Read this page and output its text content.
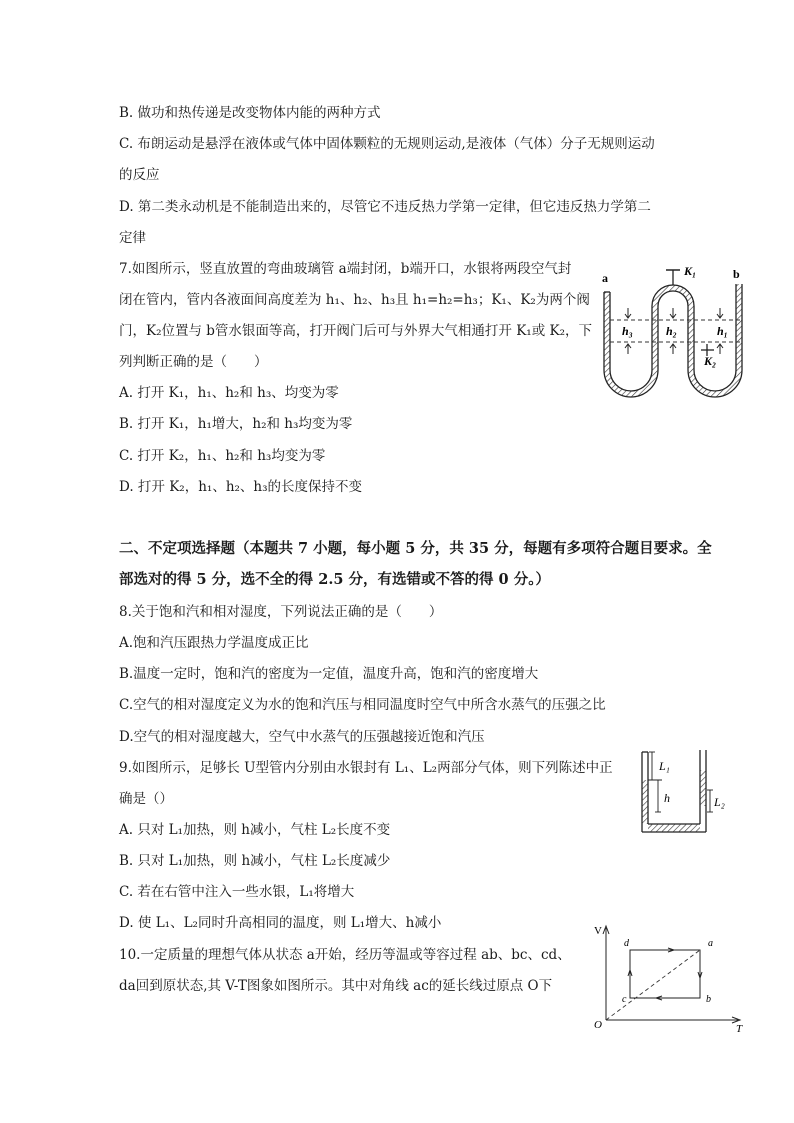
B. 做功和热传递是改变物体内能的两种方式
C. 布朗运动是悬浮在液体或气体中固体颗粒的无规则运动,是液体（气体）分子无规则运动
的反应
D. 第二类永动机是不能制造出来的，尽管它不违反热力学第一定律，但它违反热力学第二
定律
7.如图所示，竖直放置的弯曲玻璃管 a端封闭，b端开口，水银将两段空气封
闭在管内，管内各液面间高度差为 h₁、h₂、h₃且 h₁=h₂=h₃；K₁、K₂为两个阀
门，K₂位置与 b管水银面等高，打开阀门后可与外界大气相通打开 K₁或 K₂，下
列判断正确的是（　　）
A. 打开 K₁，h₁、h₂和 h₃、均变为零
B. 打开 K₁，h₁增大，h₂和 h₃均变为零
C. 打开 K₂，h₁、h₂和 h₃均变为零
D. 打开 K₂，h₁、h₂、h₃的长度保持不变
a	b
K₁
K₂
h₃	h₂	h₁
二、不定项选择题（本题共 7 小题，每小题 5 分，共 35 分，每题有多项符合题目要求。全
部选对的得 5 分，选不全的得 2.5 分，有选错或不答的得 0 分。）
8.关于饱和汽和相对湿度，下列说法正确的是（　　）
A.饱和汽压跟热力学温度成正比
B.温度一定时，饱和汽的密度为一定值，温度升高，饱和汽的密度增大
C.空气的相对湿度定义为水的饱和汽压与相同温度时空气中所含水蒸气的压强之比
D.空气的相对湿度越大，空气中水蒸气的压强越接近饱和汽压
9.如图所示，足够长 U型管内分别由水银封有 L₁、L₂两部分气体，则下列陈述中正
确是（）
A. 只对 L₁加热，则 h减小，气柱 L₂长度不变
B. 只对 L₁加热，则 h减小，气柱 L₂长度减少
C. 若在右管中注入一些水银，L₁将增大
D. 使 L₁、L₂同时升高相同的温度，则 L₁增大、h减小
L₁
h	L₂
10.一定质量的理想气体从状态 a开始，经历等温或等容过程 ab、bc、cd、
da回到原状态,其 V-T图象如图所示。其中对角线 ac的延长线过原点 O下
V
T
O
a
b
c
d
